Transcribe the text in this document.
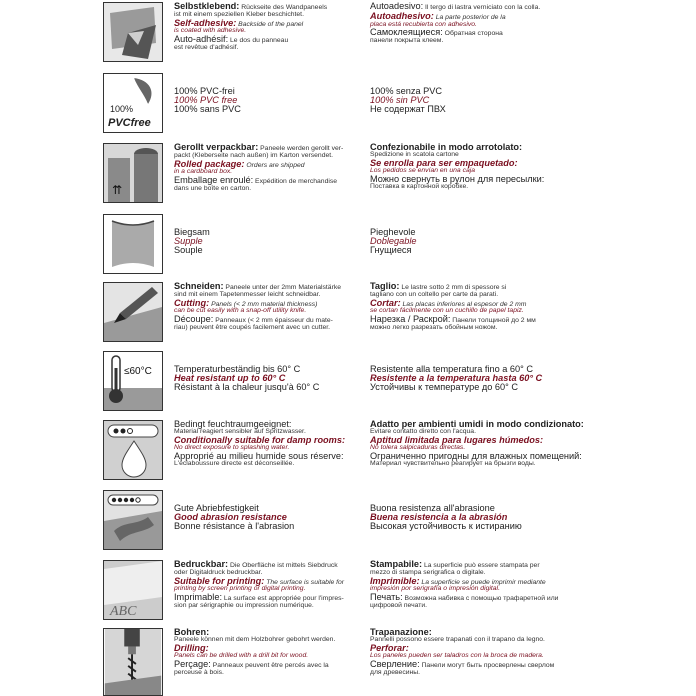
Selbstklebend: Rückseite des Wandpaneels
ist mit einem speziellen Kleber beschichtet.
Self-adhesive: Backside of the panel
is coated with adhesive.
Auto-adhésif: Le dos du panneau
est revêtue d'adhésif.
Autoadesivo: Il tergo di lastra verniciato con la colla.
Autoadhesivo: La parte posterior de la
placa está recubierta con adhesivo.
Самоклеящиеся: Обратная сторона
панели покрыта клеем.
100%
PVCfree
100% PVC-frei
100% PVC free
100% sans PVC
100% senza PVC
100% sin PVC
Не содержат ПВХ
⇈
Gerollt verpackbar: Paneele werden gerollt ver-
packt (Kleberseite nach außen) im Karton versendet.
Rolled package: Orders are shipped
in a cardboard box.
Emballage enroulé: Expédition de merchandise
dans une boîte en carton.
Confezionabile in modo arrotolato:
Spedizione in scatola cartone
Se enrolla para ser empaquetado:
Los pedidos se envían en una caja
Можно свернуть в рулон для пересылки:
Поставка в картонной коробке.
Biegsam
Supple
Souple
Pieghevole
Doblegable
Гнущиеся
Schneiden: Paneele unter der 2mm Materialstärke
sind mit einem Tapetenmesser leicht schneidbar.
Cutting: Panels (< 2 mm material thickness)
can be cut easily with a snap-off utility knife.
Découpe: Panneaux (< 2 mm épaisseur du mate-
riau) peuvent être coupés facilement avec un cutter.
Taglio: Le lastre sotto 2 mm di spessore si
tagliano con un coltello per carte da parati.
Cortar: Las placas inferiores al espesor de 2 mm
se cortan fácilmente con un cuchillo de papel tapiz.
Нарезка / Раскрой: Панели толщиной до 2 мм
можно легко разрезать обойным ножом.
≤60°C Temperaturbeständig bis 60° C
Heat resistant up to 60° C
Résistant à la chaleur jusqu'à 60° C
Resistente alla temperatura fino a 60° C
Resistente a la temperatura hasta 60° C
Устойчивы к температуре до 60° C
Bedingt feuchtraumgeeignet:
Material reagiert sensibler auf Spritzwasser.
Conditionally suitable for damp rooms:
No direct exposure to splashing water.
Approprié au milieu humide sous réserve:
L'éclaboussure directe est déconseillée.
Adatto per ambienti umidi in modo condizionato:
Evitare contatto diretto con l'acqua.
Aptitud limitada para lugares húmedos:
No tolera salpicaduras directas.
Ограниченно пригодны для влажных помещений:
Материал чувствительно реагирует на брызги воды.
Gute Abriebfestigkeit
Good abrasion resistance
Bonne résistance à l'abrasion
Buona resistenza all'abrasione
Buena resistencia a la abrasión
Высокая устойчивость к истиранию
ABC
Bedruckbar: Die Oberfläche ist mittels Siebdruck
oder Digitaldruck bedruckbar.
Suitable for printing: The surface is suitable for
printing by screen printing or digital printing.
Imprimable: La surface est appropriée pour l'impres-
sion par sérigraphie ou impression numérique.
Stampabile: La superficie può essere stampata per
mezzo di stampa serigrafica o digitale.
Imprimible: La superficie se puede imprimir mediante
impresión por serigrafía o impresión digital.
Печать: Возможна набивка с помощью трафаретной или
цифровой печати.
Bohren:
Paneele können mit dem Holzbohrer gebohrt werden.
Drilling:
Panels can be drilled with a drill bit for wood.
Perçage: Panneaux peuvent être percés avec la
perceuse à bois.
Trapanazione:
Pannelli possono essere trapanati con il trapano da legno.
Perforar:
Los paneles pueden ser taladros con la broca de madera.
Сверление: Панели могут быть просверлены сверлом
для древесины.
